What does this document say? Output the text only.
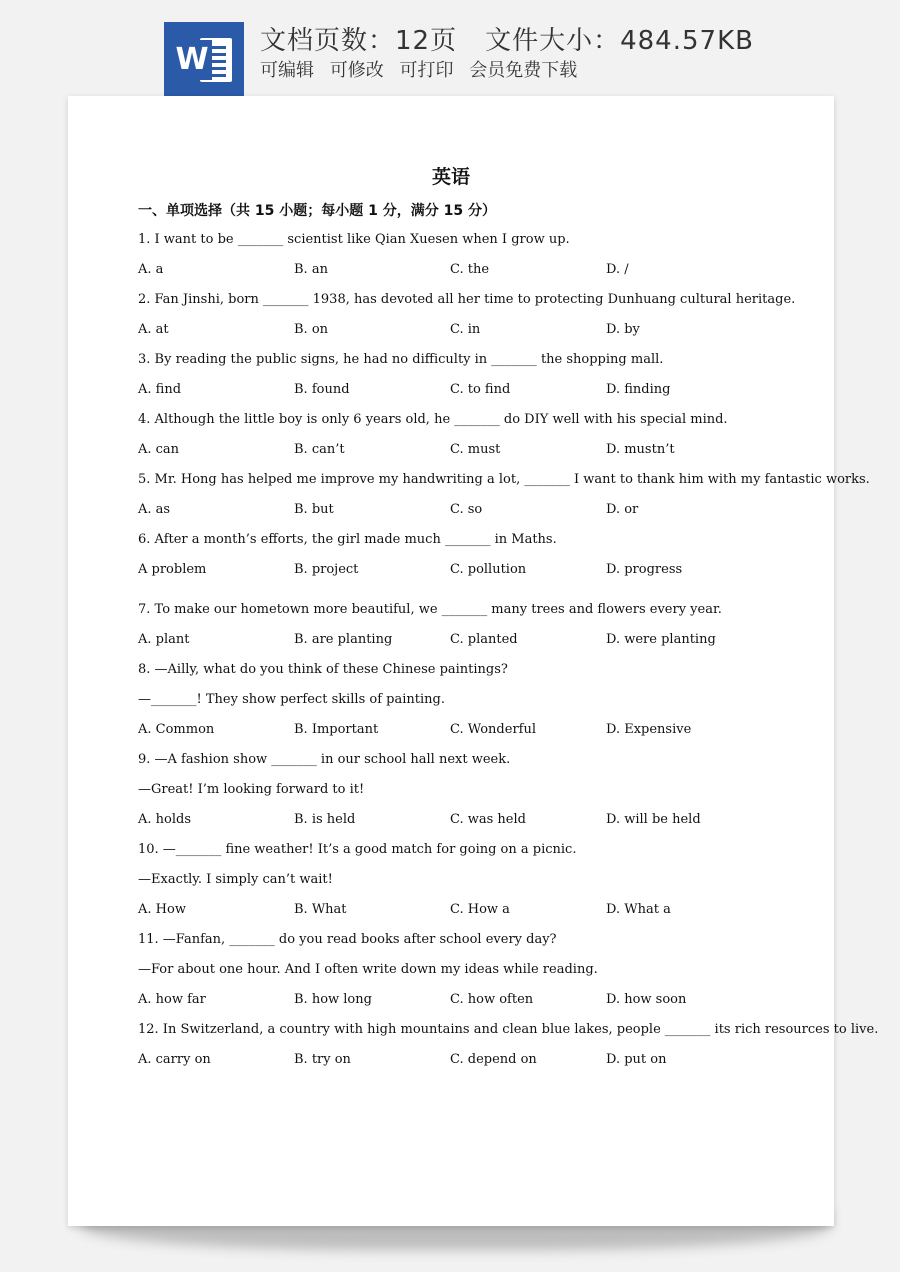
W
文档页数：12页 文件大小：484.57KB
可编辑 可修改 可打印 会员免费下载
英语
一、单项选择（共 15 小题；每小题 1 分，满分 15 分）
1. I want to be _______ scientist like Qian Xuesen when I grow up.
A. a	B. an	C. the	D. /
2. Fan Jinshi, born _______ 1938, has devoted all her time to protecting Dunhuang cultural heritage.
A. at	B. on	C. in	D. by
3. By reading the public signs, he had no difficulty in _______ the shopping mall.
A. find	B. found	C. to find	D. finding
4. Although the little boy is only 6 years old, he _______ do DIY well with his special mind.
A. can	B. can’t	C. must	D. mustn’t
5. Mr. Hong has helped me improve my handwriting a lot, _______ I want to thank him with my fantastic works.
A. as	B. but	C. so	D. or
6. After a month’s efforts, the girl made much _______ in Maths.
A problem	B. project	C. pollution	D. progress
7. To make our hometown more beautiful, we _______ many trees and flowers every year.
A. plant	B. are planting	C. planted	D. were planting
8. —Ailly, what do you think of these Chinese paintings?
—_______! They show perfect skills of painting.
A. Common	B. Important	C. Wonderful	D. Expensive
9. —A fashion show _______ in our school hall next week.
—Great! I’m looking forward to it!
A. holds	B. is held	C. was held	D. will be held
10. —_______ fine weather! It’s a good match for going on a picnic.
—Exactly. I simply can’t wait!
A. How	B. What	C. How a	D. What a
11. —Fanfan, _______ do you read books after school every day?
—For about one hour. And I often write down my ideas while reading.
A. how far	B. how long	C. how often	D. how soon
12. In Switzerland, a country with high mountains and clean blue lakes, people _______ its rich resources to live.
A. carry on	B. try on	C. depend on	D. put on
